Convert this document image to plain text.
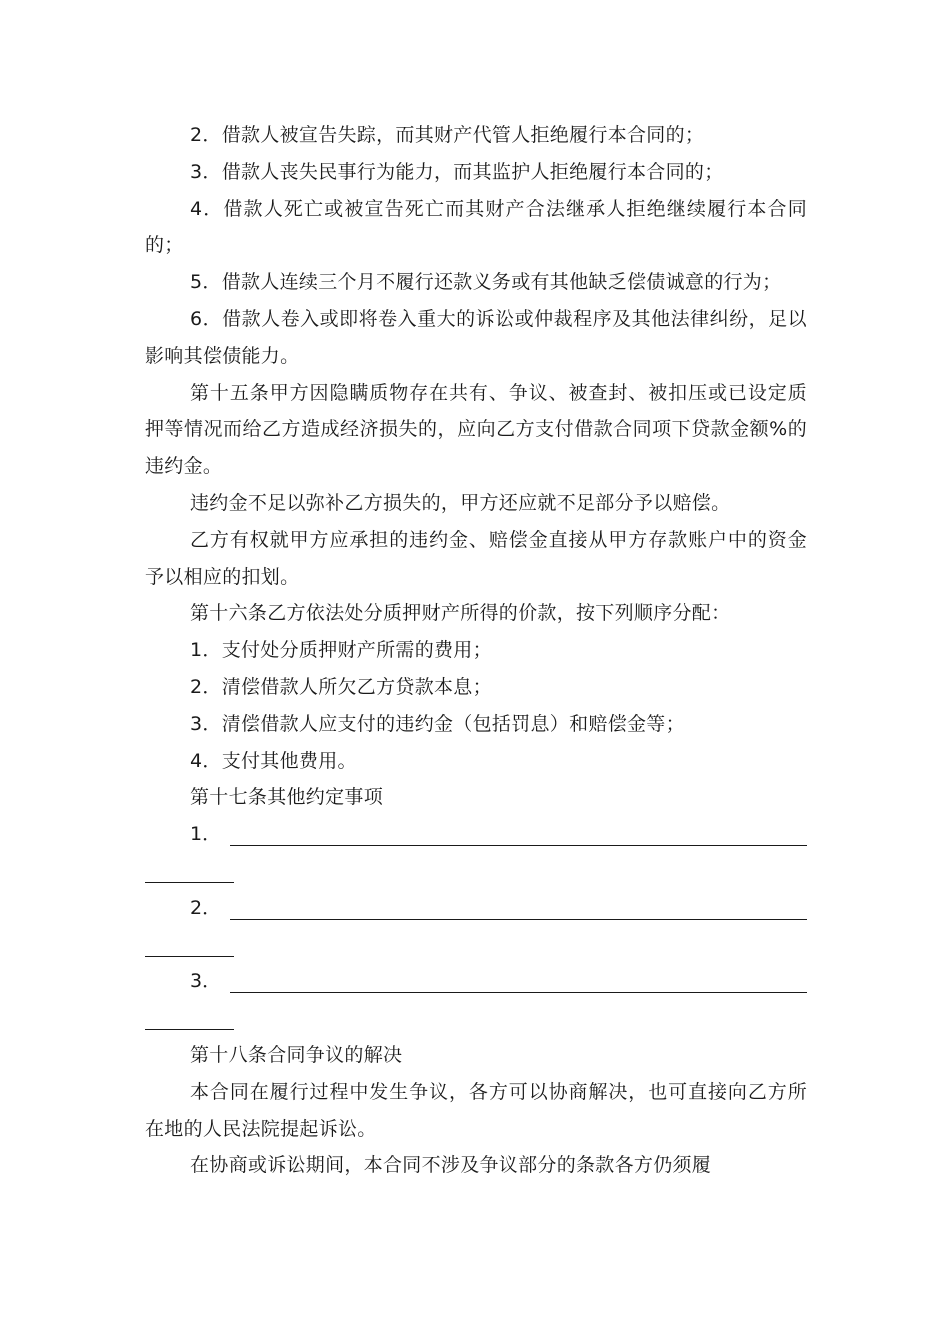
2．借款人被宣告失踪，而其财产代管人拒绝履行本合同的；

3．借款人丧失民事行为能力，而其监护人拒绝履行本合同的；

4．借款人死亡或被宣告死亡而其财产合法继承人拒绝继续履行本合同的；

5．借款人连续三个月不履行还款义务或有其他缺乏偿债诚意的行为；

6．借款人卷入或即将卷入重大的诉讼或仲裁程序及其他法律纠纷，足以影响其偿债能力。

第十五条甲方因隐瞒质物存在共有、争议、被查封、被扣压或已设定质押等情况而给乙方造成经济损失的，应向乙方支付借款合同项下贷款金额%的违约金。

违约金不足以弥补乙方损失的，甲方还应就不足部分予以赔偿。

乙方有权就甲方应承担的违约金、赔偿金直接从甲方存款账户中的资金予以相应的扣划。

第十六条乙方依法处分质押财产所得的价款，按下列顺序分配：

1．支付处分质押财产所需的费用；

2．清偿借款人所欠乙方贷款本息；

3．清偿借款人应支付的违约金（包括罚息）和赔偿金等；

4．支付其他费用。

第十七条其他约定事项

1．
2．
3．

第十八条合同争议的解决

本合同在履行过程中发生争议，各方可以协商解决，也可直接向乙方所在地的人民法院提起诉讼。

在协商或诉讼期间，本合同不涉及争议部分的条款各方仍须履
